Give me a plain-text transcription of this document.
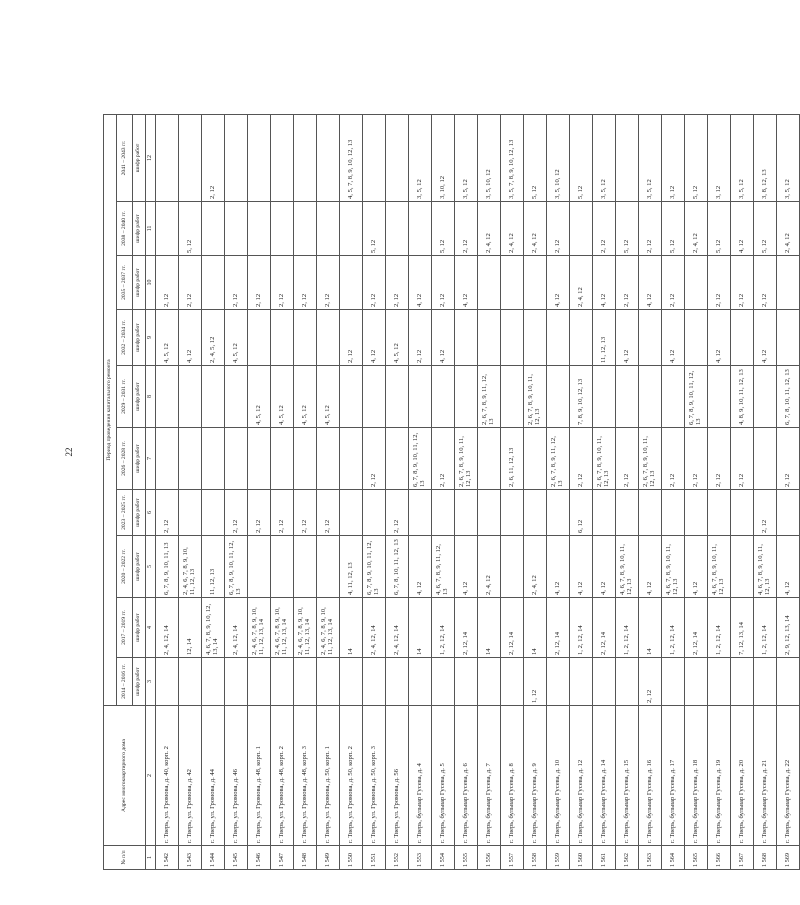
22
№ п/п	Адрес многоквартирного дома	Период проведения капитального ремонта									
		2014 – 2016 гг.	2017 – 2019 гг.	2020 – 2022 гг.	2023 – 2025 гг.	2026 – 2028 гг.	2029 – 2031 гг.	2032 – 2034 гг.	2035 – 2037 гг.	2038 – 2040 гг.	2041 – 2043 гг.
		шифр работ	шифр работ	шифр работ	шифр работ	шифр работ	шифр работ	шифр работ	шифр работ	шифр работ	шифр работ
1	2	3	4	5	6	7	8	9	10	11	12
1 542	г. Тверь, ул. Громова, д. 40, корп. 2		2, 4, 12, 14	6, 7, 8, 9, 10, 11, 13	2, 12			4, 5, 12	2, 12		
1 543	г. Тверь, ул. Громова, д. 42		12, 14	2, 4, 6, 7, 8, 9, 10, 11, 12, 13				4, 12	2, 12	5, 12	
1 544	г. Тверь, ул. Громова, д. 44		4, 6, 7, 8, 9, 10, 12, 13, 14	11, 12, 13				2, 4, 5, 12			2, 12
1 545	г. Тверь, ул. Громова, д. 46		2, 4, 12, 14	6, 7, 8, 9, 10, 11, 12, 13	2, 12			4, 5, 12	2, 12		
1 546	г. Тверь, ул. Громова, д. 48, корп. 1		2, 4, 6, 7, 8, 9, 10, 11, 12, 13, 14		2, 12		4, 5, 12		2, 12		
1 547	г. Тверь, ул. Громова, д. 48, корп. 2		2, 4, 6, 7, 8, 9, 10, 11, 12, 13, 14		2, 12		4, 5, 12		2, 12		
1 548	г. Тверь, ул. Громова, д. 48, корп. 3		2, 4, 6, 7, 8, 9, 10, 11, 12, 13, 14		2, 12		4, 5, 12		2, 12		
1 549	г. Тверь, ул. Громова, д. 50, корп. 1		2, 4, 6, 7, 8, 9, 10, 11, 12, 13, 14		2, 12		4, 5, 12		2, 12		
1 550	г. Тверь, ул. Громова, д. 50, корп. 2		14	4, 11, 12, 13				2, 12			4, 5, 7, 8, 9, 10, 12, 13
1 551	г. Тверь, ул. Громова, д. 50, корп. 3		2, 4, 12, 14	6, 7, 8, 9, 10, 11, 12, 13		2, 12		4, 12	2, 12	5, 12	
1 552	г. Тверь, ул. Громова, д. 56		2, 4, 12, 14	6, 7, 8, 10, 11, 12, 13	2, 12			4, 5, 12	2, 12		
1 553	г. Тверь, бульвар Гусева, д. 4		14	4, 12		6, 7, 8, 9, 10, 11, 12, 13		2, 12	4, 12		3, 5, 12
1 554	г. Тверь, бульвар Гусева, д. 5		1, 2, 12, 14	4, 6, 7, 8, 9, 11, 12, 13		2, 12		4, 12	2, 12	5, 12	3, 10, 12
1 555	г. Тверь, бульвар Гусева, д. 6		2, 12, 14	4, 12		2, 6, 7, 8, 9, 10, 11, 12, 13			4, 12	2, 12	3, 5, 12
1 556	г. Тверь, бульвар Гусева, д. 7		14	2, 4, 12			2, 6, 7, 8, 9, 11, 12, 13			2, 4, 12	3, 5, 10, 12
1 557	г. Тверь, бульвар Гусева, д. 8		2, 12, 14			2, 6, 11, 12, 13				2, 4, 12	3, 5, 7, 8, 9, 10, 12, 13
1 558	г. Тверь, бульвар Гусева, д. 9	1, 12	14	2, 4, 12			2, 6, 7, 8, 9, 10, 11, 12, 13			2, 4, 12	5, 12
1 559	г. Тверь, бульвар Гусева, д. 10		2, 12, 14	4, 12		2, 6, 7, 8, 9, 11, 12, 13			4, 12	2, 12	3, 5, 10, 12
1 560	г. Тверь, бульвар Гусева, д. 12		1, 2, 12, 14	4, 12	6, 12	2, 12	7, 8, 9, 10, 12, 13		2, 4, 12		5, 12
1 561	г. Тверь, бульвар Гусева, д. 14		2, 12, 14	4, 12		2, 6, 7, 8, 9, 10, 11, 12, 13		11, 12, 13	4, 12	2, 12	3, 5, 12
1 562	г. Тверь, бульвар Гусева, д. 15		1, 2, 12, 14	4, 6, 7, 8, 9, 10, 11, 12, 13		2, 12		4, 12	2, 12	5, 12	
1 563	г. Тверь, бульвар Гусева, д. 16	2, 12	14	4, 12		2, 6, 7, 8, 9, 10, 11, 12, 13			4, 12	2, 12	3, 5, 12
1 564	г. Тверь, бульвар Гусева, д. 17		1, 2, 12, 14	4, 6, 7, 8, 9, 10, 11, 12, 13		2, 12		4, 12	2, 12	5, 12	3, 12
1 565	г. Тверь, бульвар Гусева, д. 18		2, 12, 14	4, 12		2, 12	6, 7, 8, 9, 10, 11, 12, 13			2, 4, 12	5, 12
1 566	г. Тверь, бульвар Гусева, д. 19		1, 2, 12, 14	4, 6, 7, 8, 9, 10, 11, 12, 13		2, 12		4, 12	2, 12	5, 12	3, 12
1 567	г. Тверь, бульвар Гусева, д. 20		7, 12, 13, 14			2, 12	4, 8, 9, 10, 11, 12, 13		2, 12	4, 12	3, 5, 12
1 568	г. Тверь, бульвар Гусева, д. 21		1, 2, 12, 14	4, 6, 7, 8, 9, 10, 11, 12, 13	2, 12			4, 12	2, 12	5, 12	3, 8, 12, 13
1 569	г. Тверь, бульвар Гусева, д. 22		2, 9, 12, 13, 14	4, 12		2, 12	6, 7, 8, 10, 11, 12, 13			2, 4, 12	3, 5, 12
